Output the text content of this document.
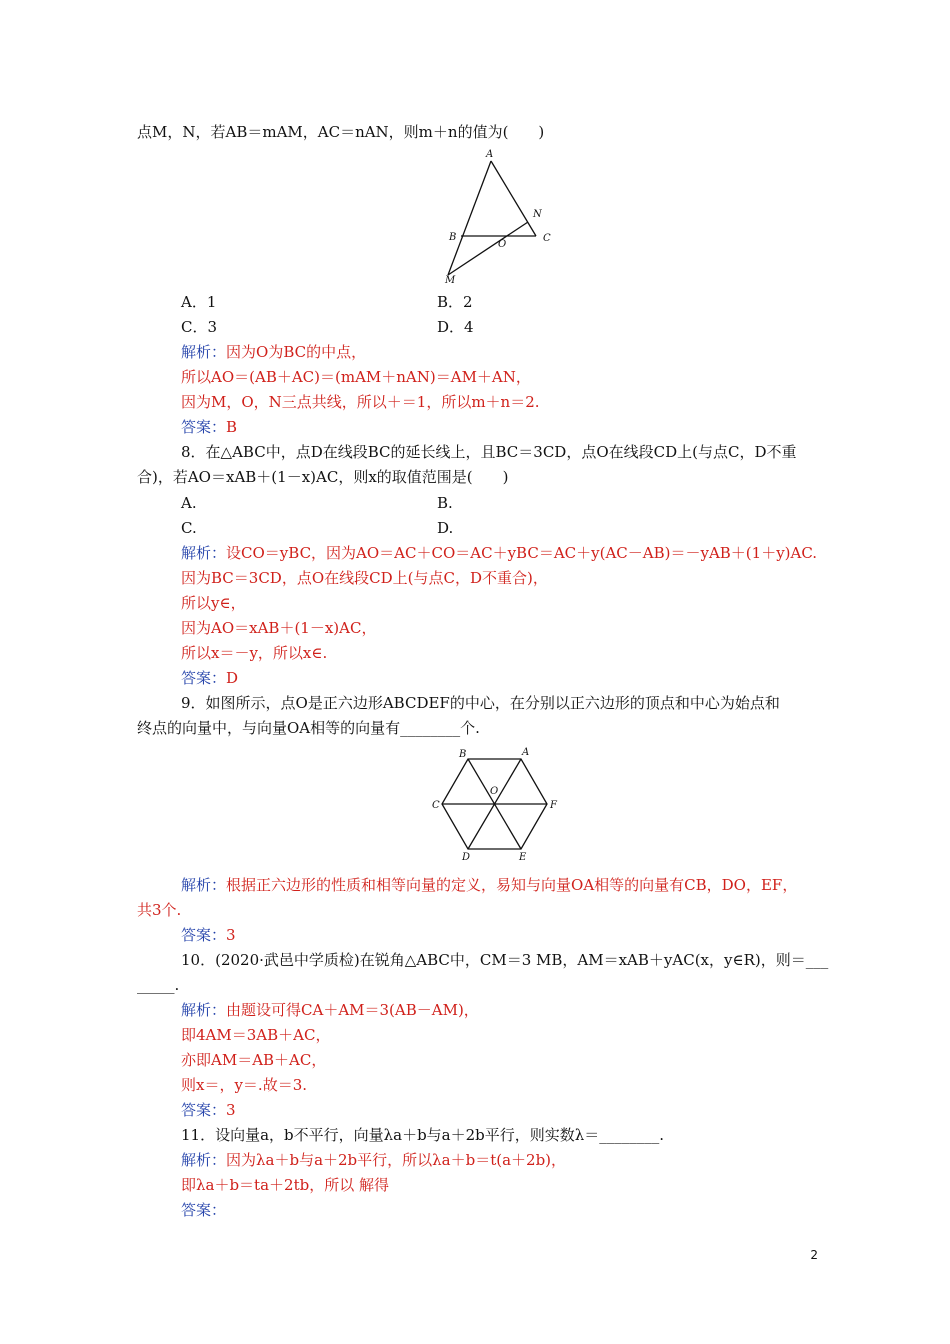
点M，N，若AB＝mAM，AC＝nAN，则m＋n的值为(　　)
A
B	C
O
N
M
A．1	B．2
C．3	D．4
解析：因为O为BC的中点，
所以AO＝(AB＋AC)＝(mAM＋nAN)＝AM＋AN，
因为M，O，N三点共线，所以＋＝1，所以m＋n＝2.
答案：B
8．在△ABC中，点D在线段BC的延长线上，且BC＝3CD，点O在线段CD上(与点C，D不重
合)，若AO＝xAB＋(1－x)AC，则x的取值范围是(　　)
A.	B.
C.	D.
解析：设CO＝yBC，因为AO＝AC＋CO＝AC＋yBC＝AC＋y(AC－AB)＝－yAB＋(1＋y)AC.
因为BC＝3CD，点O在线段CD上(与点C，D不重合)，
所以y∈，
因为AO＝xAB＋(1－x)AC，
所以x＝－y，所以x∈.
答案：D
9．如图所示，点O是正六边形ABCDEF的中心，在分别以正六边形的顶点和中心为始点和
终点的向量中，与向量OA相等的向量有________个.
A
B
C
D	E
F
O
解析：根据正六边形的性质和相等向量的定义，易知与向量OA相等的向量有CB，DO，EF，
共3个.
答案：3
10．(2020·武邑中学质检)在锐角△ABC中，CM＝3 MB，AM＝xAB＋yAC(x，y∈R)，则＝___
_____.
解析：由题设可得CA＋AM＝3(AB－AM)，
即4AM＝3AB＋AC，
亦即AM＝AB＋AC，
则x＝，y＝.故＝3.
答案：3
11．设向量a，b不平行，向量λa＋b与a＋2b平行，则实数λ＝________.
解析：因为λa＋b与a＋2b平行，所以λa＋b＝t(a＋2b)，
即λa＋b＝ta＋2tb，所以 解得
答案：
2
